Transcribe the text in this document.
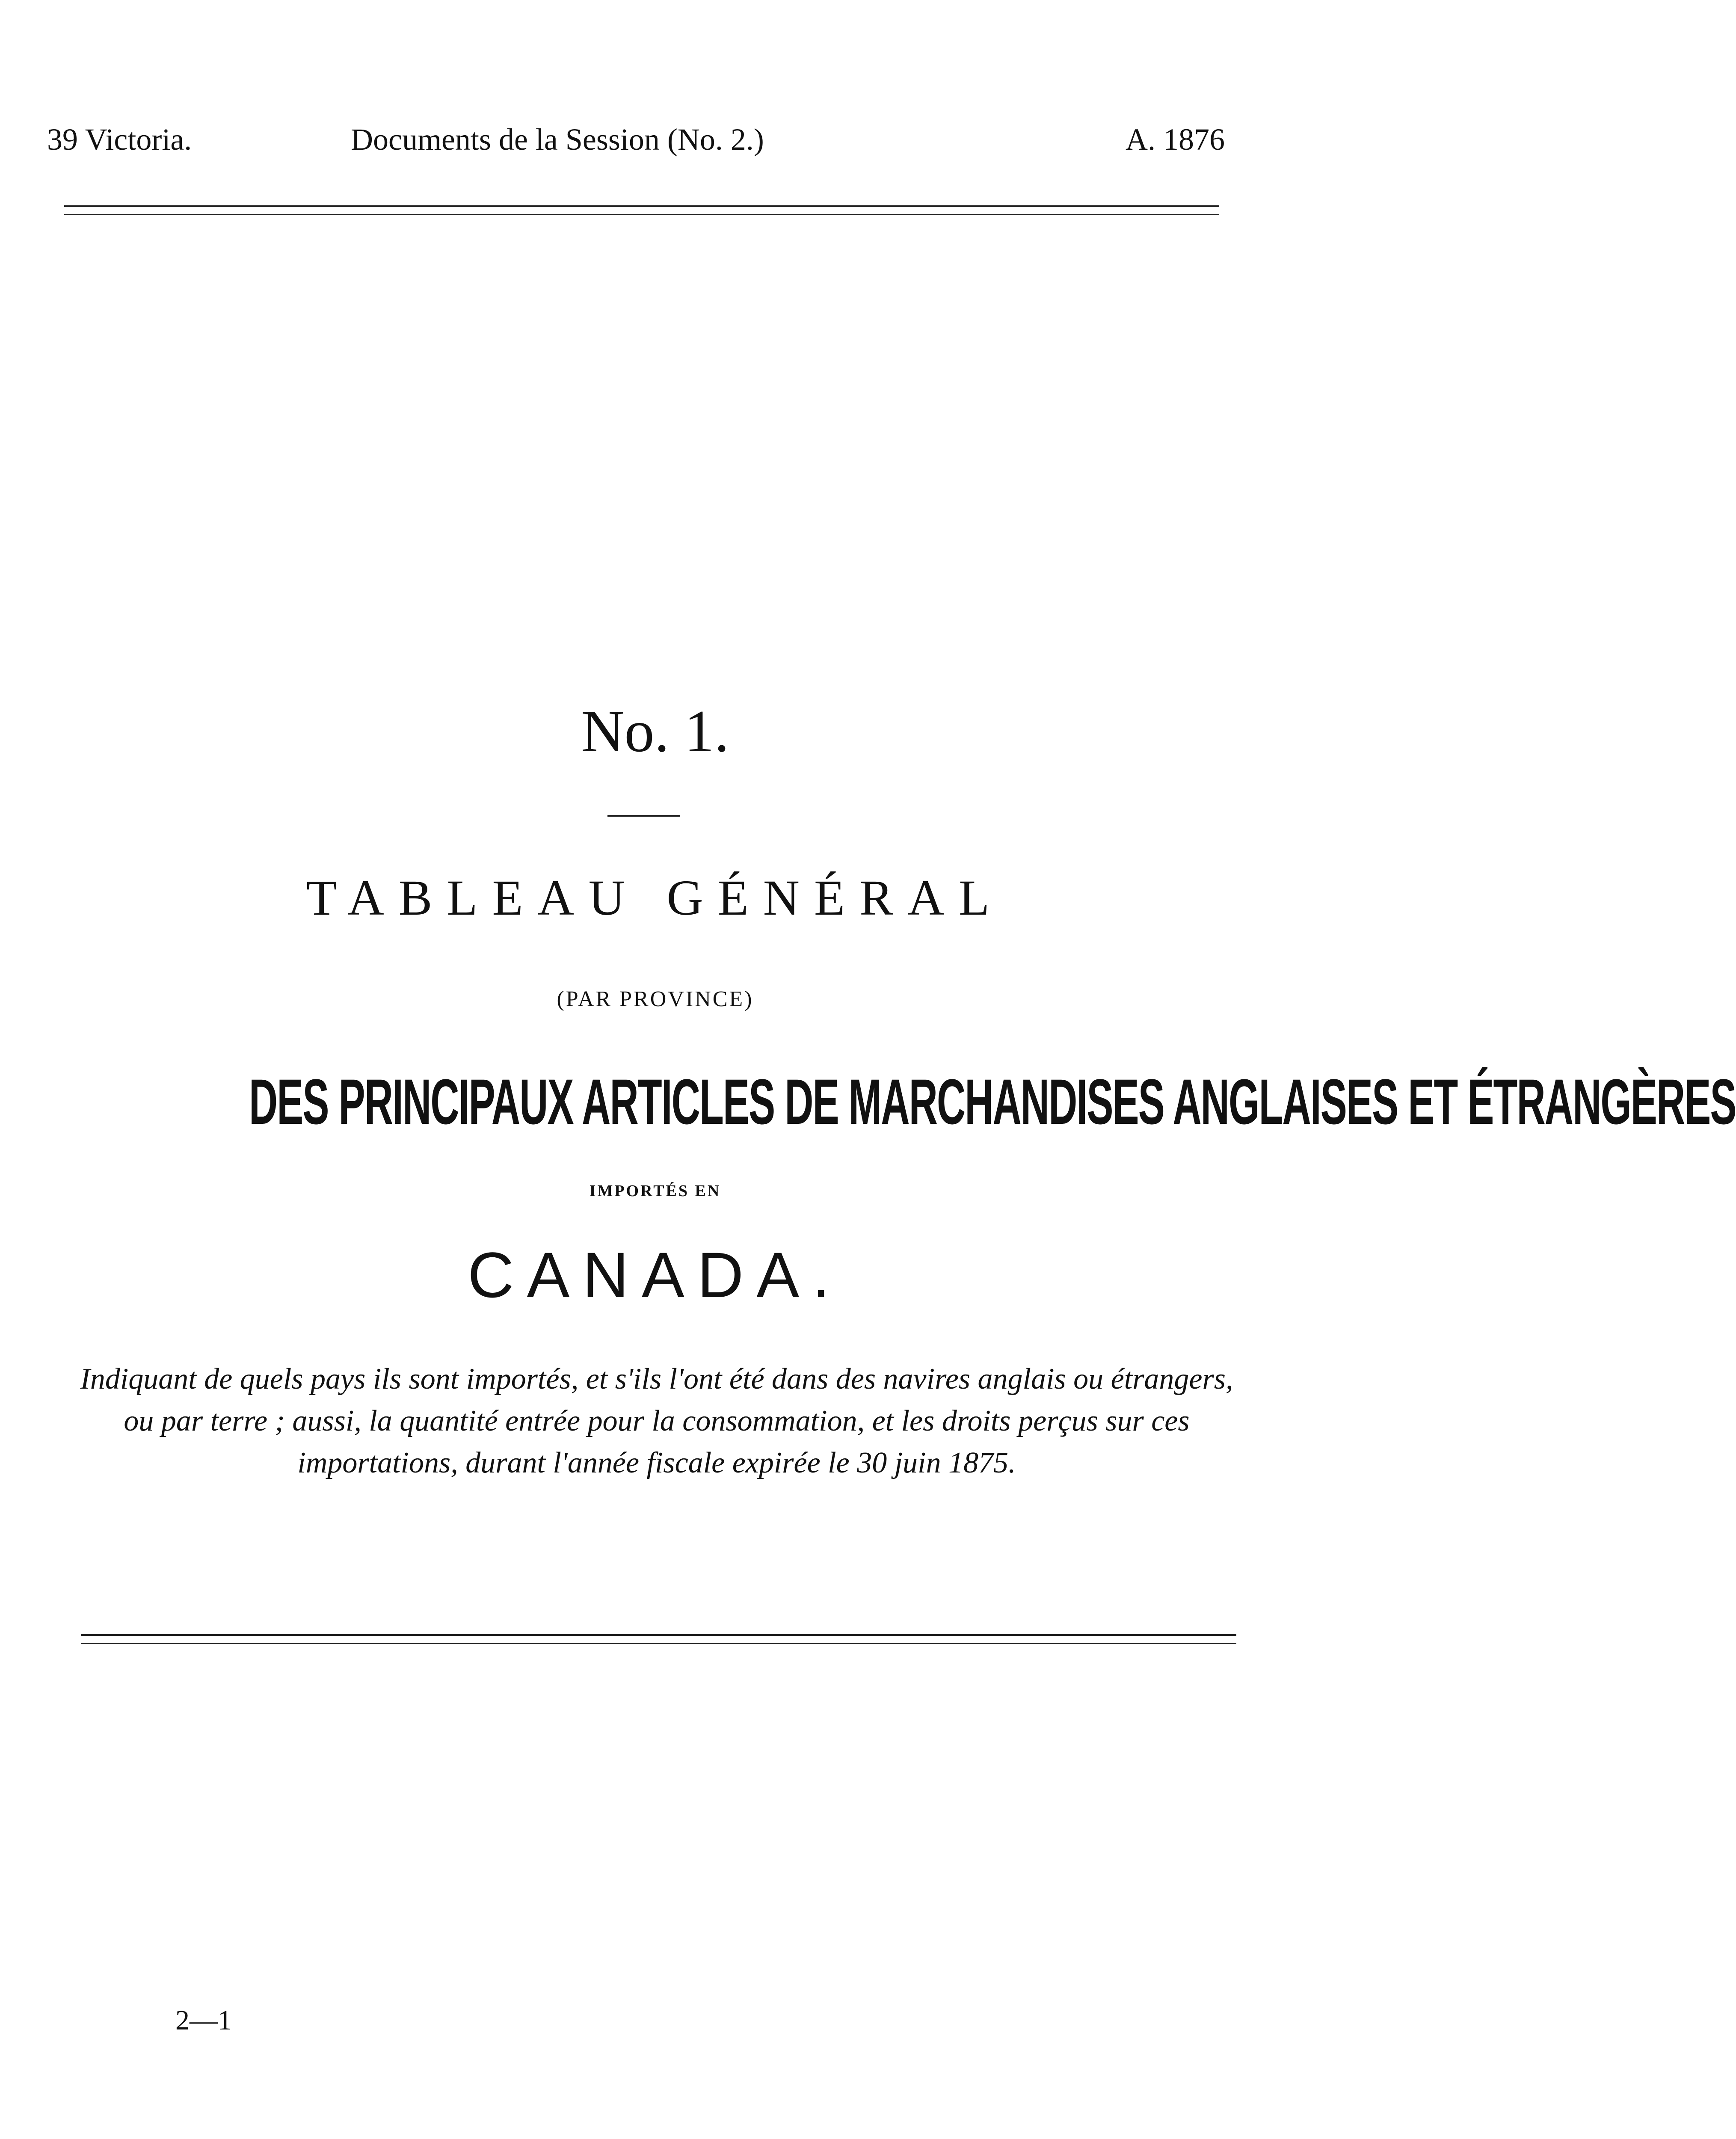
39 Victoria.	Documents de la Session (No. 2.)	A. 1876
No. 1.
TABLEAU GÉNÉRAL
(PAR PROVINCE)
DES PRINCIPAUX ARTICLES DE MARCHANDISES ANGLAISES ET ÉTRANGÈRES
IMPORTÉS EN
CANADA.
Indiquant de quels pays ils sont importés, et s'ils l'ont été dans des navires anglais ou étrangers, ou par terre ; aussi, la quantité entrée pour la consommation, et les droits perçus sur ces importations, durant l'année fiscale expirée le 30 juin 1875.
2—1
